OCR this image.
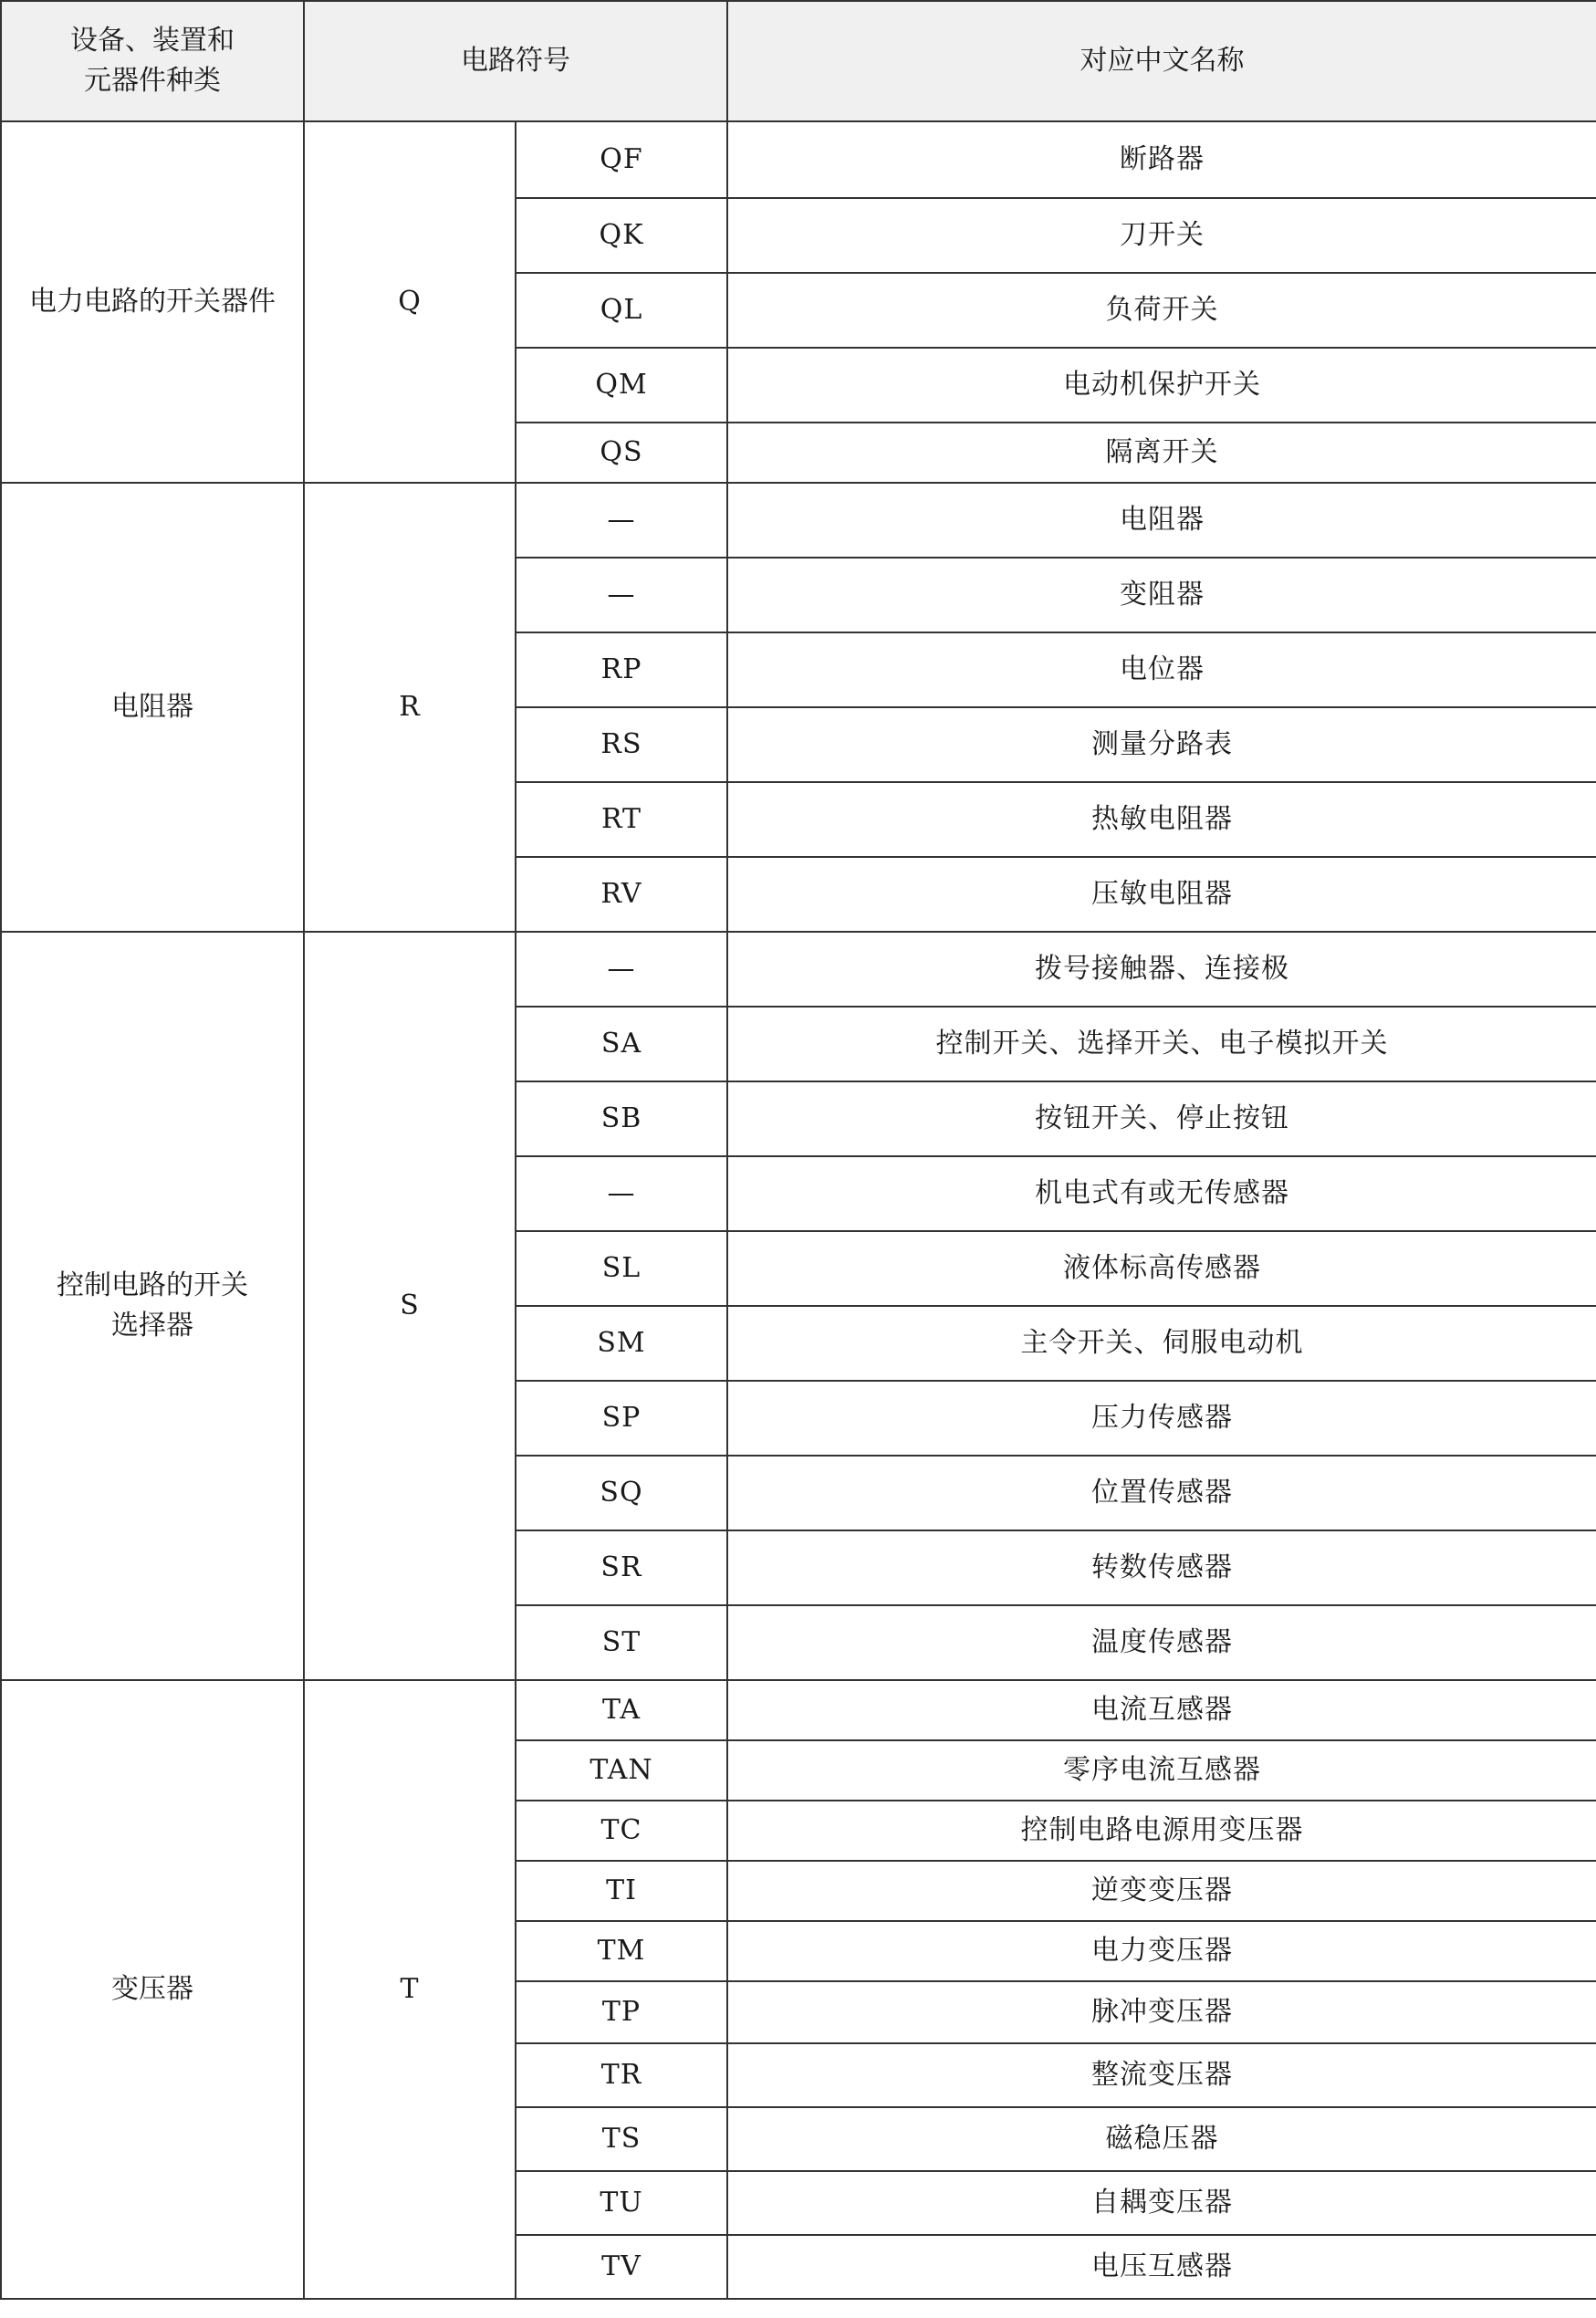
设备、装置和
元器件种类	电路符号		对应中文名称
电力电路的开关器件	Q	QF	断路器
		QK	刀开关
		QL	负荷开关
		QM	电动机保护开关
		QS	隔离开关
电阻器	R	—	电阻器
		—	变阻器
		RP	电位器
		RS	测量分路表
		RT	热敏电阻器
		RV	压敏电阻器
控制电路的开关
选择器	S	—	拨号接触器、连接极
		SA	控制开关、选择开关、电子模拟开关
		SB	按钮开关、停止按钮
		—	机电式有或无传感器
		SL	液体标高传感器
		SM	主令开关、伺服电动机
		SP	压力传感器
		SQ	位置传感器
		SR	转数传感器
		ST	温度传感器
变压器	T	TA	电流互感器
		TAN	零序电流互感器
		TC	控制电路电源用变压器
		TI	逆变变压器
		TM	电力变压器
		TP	脉冲变压器
		TR	整流变压器
		TS	磁稳压器
		TU	自耦变压器
		TV	电压互感器
